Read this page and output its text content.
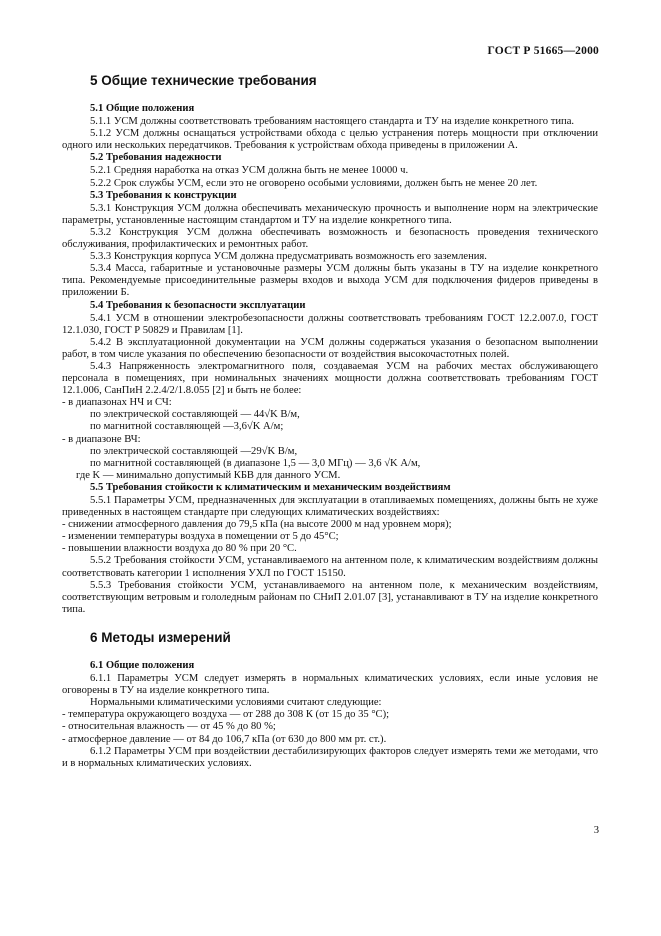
ГОСТ Р 51665—2000
5 Общие технические требования
5.1 Общие положения

5.1.1 УСМ должны соответствовать требованиям настоящего стандарта и ТУ на изделие конкретного типа.

5.1.2 УСМ должны оснащаться устройствами обхода с целью устранения потерь мощности при отключении одного или нескольких передатчиков. Требования к устройствам обхода приведены в приложении А.

5.2 Требования надежности

5.2.1 Средняя наработка на отказ УСМ должна быть не менее 10000 ч.

5.2.2 Срок службы УСМ, если это не оговорено особыми условиями, должен быть не менее 20 лет.

5.3 Требования к конструкции

5.3.1 Конструкция УСМ должна обеспечивать механическую прочность и выполнение норм на электрические параметры, установленные настоящим стандартом и ТУ на изделие конкретного типа.

5.3.2 Конструкция УСМ должна обеспечивать возможность и безопасность проведения технического обслуживания, профилактических и ремонтных работ.

5.3.3 Конструкция корпуса УСМ должна предусматривать возможность его заземления.

5.3.4 Масса, габаритные и установочные размеры УСМ должны быть указаны в ТУ на изделие конкретного типа. Рекомендуемые присоединительные размеры входов и выхода УСМ для подключения фидеров приведены в приложении Б.

5.4 Требования к безопасности эксплуатации

5.4.1 УСМ в отношении электробезопасности должны соответствовать требованиям ГОСТ 12.2.007.0, ГОСТ 12.1.030, ГОСТ Р 50829 и Правилам [1].

5.4.2 В эксплуатационной документации на УСМ должны содержаться указания о безопасном выполнении работ, в том числе указания по обеспечению безопасности от воздействия высокочастотных полей.

5.4.3 Напряженность электромагнитного поля, создаваемая УСМ на рабочих местах обслуживающего персонала в помещениях, при номинальных значениях мощности должна соответствовать требованиям ГОСТ 12.1.006, СанПиН 2.2.4/2/1.8.055 [2] и быть не более:

- в диапазонах НЧ и СЧ:

по электрической составляющей — 44√K В/м,

по магнитной составляющей —3,6√K А/м;

- в диапазоне ВЧ:

по электрической составляющей —29√K В/м,

по магнитной составляющей (в диапазоне 1,5 — 3,0 МГц) — 3,6 √K А/м,

где K — минимально допустимый КБВ для данного УСМ.

5.5 Требования стойкости к климатическим и механическим воздействиям

5.5.1 Параметры УСМ, предназначенных для эксплуатации в отапливаемых помещениях, должны быть не хуже приведенных в настоящем стандарте при следующих климатических воздействиях:

- снижении атмосферного давления до 79,5 кПа (на высоте 2000 м над уровнем моря);

- изменении температуры воздуха в помещении от 5 до 45°С;

- повышении влажности воздуха до 80 % при 20 °С.

5.5.2 Требования стойкости УСМ, устанавливаемого на антенном поле, к климатическим воздействиям должны соответствовать категории 1 исполнения УХЛ по ГОСТ 15150.

5.5.3 Требования стойкости УСМ, устанавливаемого на антенном поле, к механическим воздействиям, соответствующим ветровым и гололедным районам по СНиП 2.01.07 [3], устанавливают в ТУ на изделие конкретного типа.

6 Методы измерений
6.1 Общие положения

6.1.1 Параметры УСМ следует измерять в нормальных климатических условиях, если иные условия не оговорены в ТУ на изделие конкретного типа.

Нормальными климатическими условиями считают следующие:

- температура окружающего воздуха — от 288 до 308 К (от 15 до 35 °С);

- относительная влажность — от 45 % до 80 %;

- атмосферное давление — от 84 до 106,7 кПа (от 630 до 800 мм рт. ст.).

6.1.2 Параметры УСМ при воздействии дестабилизирующих факторов следует измерять теми же методами, что и в нормальных климатических условиях.

3
